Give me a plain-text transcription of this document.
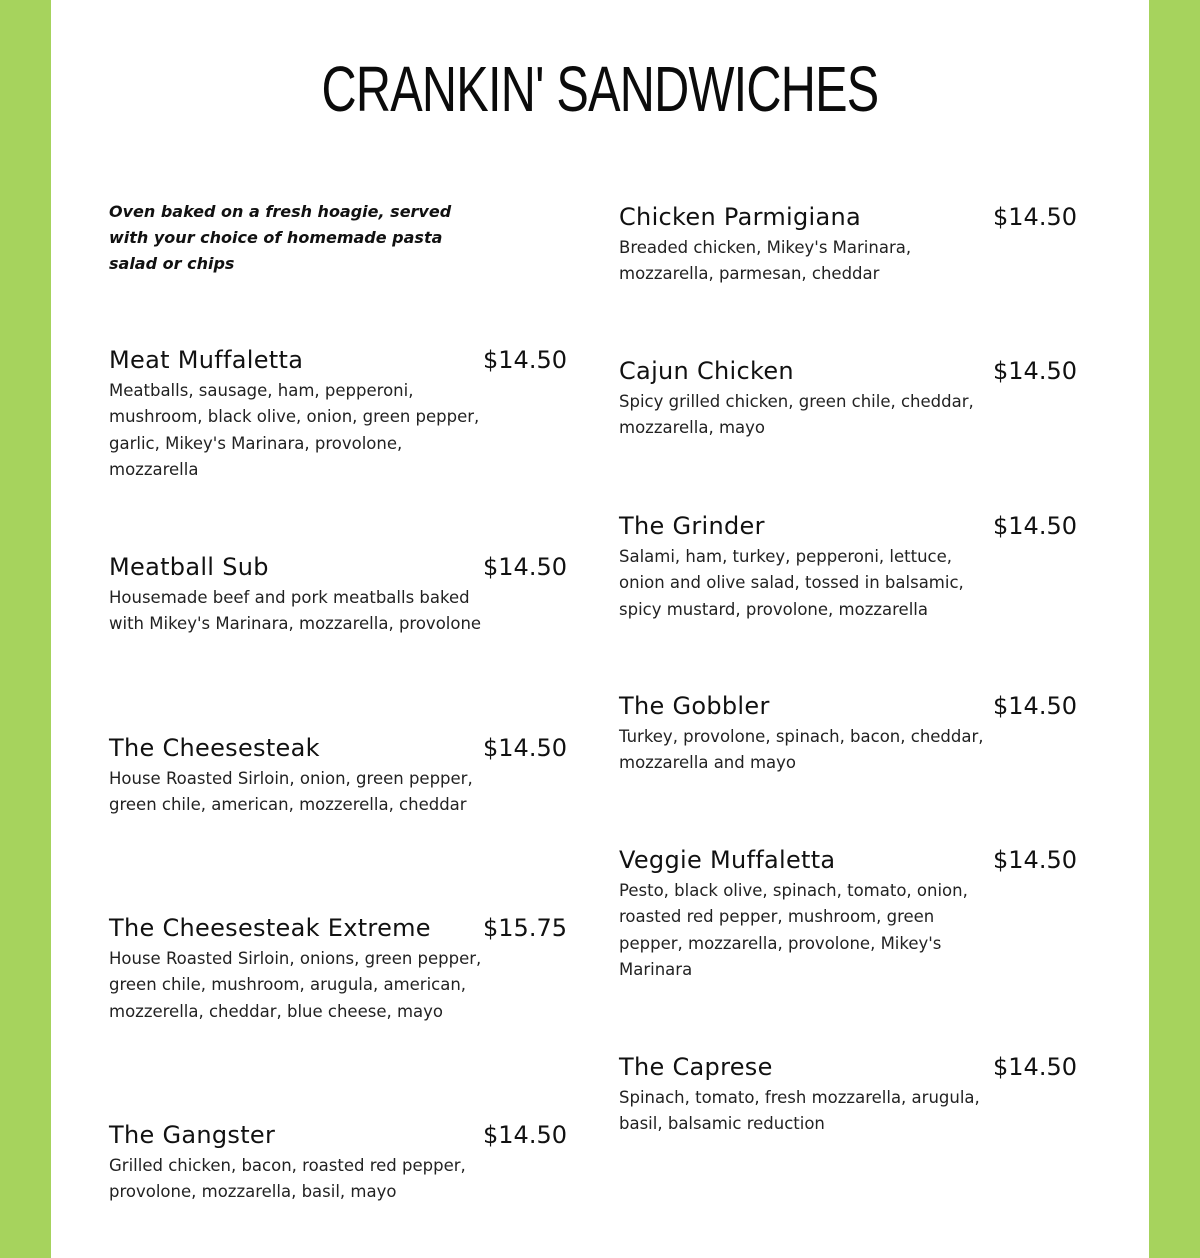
CRANKIN' SANDWICHES

Oven baked on a fresh hoagie, served with your choice of homemade pasta salad or chips

Meat Muffaletta	$14.50

Meatballs, sausage, ham, pepperoni, mushroom, black olive, onion, green pepper, garlic, Mikey's Marinara, provolone, mozzarella

Meatball Sub	$14.50

Housemade beef and pork meatballs baked with Mikey's Marinara, mozzarella, provolone

The Cheesesteak	$14.50

House Roasted Sirloin, onion, green pepper, green chile, american, mozzerella, cheddar

The Cheesesteak Extreme $15.75

House Roasted Sirloin, onions, green pepper, green chile, mushroom, arugula, american, mozzerella, cheddar, blue cheese, mayo

The Gangster	$14.50

Grilled chicken, bacon, roasted red pepper, provolone, mozzarella, basil, mayo

Chicken Parmigiana	$14.50

Breaded chicken, Mikey's Marinara, mozzarella, parmesan, cheddar

Cajun Chicken	$14.50

Spicy grilled chicken, green chile, cheddar, mozzarella, mayo

The Grinder	$14.50

Salami, ham, turkey, pepperoni, lettuce, onion and olive salad, tossed in balsamic, spicy mustard, provolone, mozzarella

The Gobbler	$14.50

Turkey, provolone, spinach, bacon, cheddar, mozzarella and mayo

Veggie Muffaletta	$14.50

Pesto, black olive, spinach, tomato, onion, roasted red pepper, mushroom, green pepper, mozzarella, provolone, Mikey's Marinara

The Caprese	$14.50

Spinach, tomato, fresh mozzarella, arugula, basil, balsamic reduction
